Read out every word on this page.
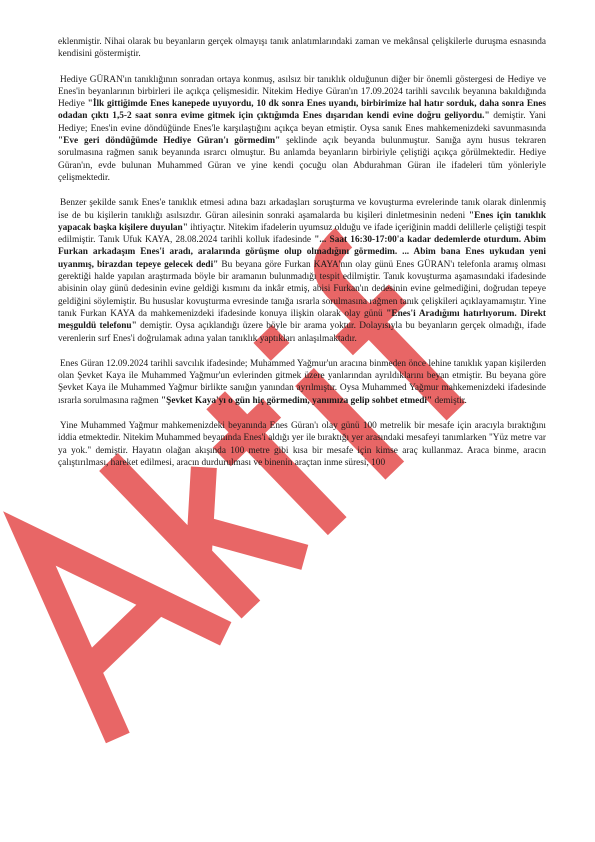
eklenmiştir. Nihai olarak bu beyanların gerçek olmayışı tanık anlatımlarındaki zaman ve mekânsal çelişkilerle duruşma esnasında kendisini göstermiştir.

Hediye GÜRAN'ın tanıklığının sonradan ortaya konmuş, asılsız bir tanıklık olduğunun diğer bir önemli göstergesi de Hediye ve Enes'in beyanlarının birbirleri ile açıkça çelişmesidir. Nitekim Hediye Güran'ın 17.09.2024 tarihli savcılık beyanına bakıldığında Hediye "İlk gittiğimde Enes kanepede uyuyordu, 10 dk sonra Enes uyandı, birbirimize hal hatır sorduk, daha sonra Enes odadan çıktı 1,5-2 saat sonra evime gitmek için çıktığımda Enes dışarıdan kendi evine doğru geliyordu." demiştir. Yani Hediye; Enes'in evine döndüğünde Enes'le karşılaştığını açıkça beyan etmiştir. Oysa sanık Enes mahkemenizdeki savunmasında "Eve geri döndüğümde Hediye Güran'ı görmedim" şeklinde açık beyanda bulunmuştur. Sanığa aynı husus tekraren sorulmasına rağmen sanık beyanında ısrarcı olmuştur. Bu anlamda beyanların birbiriyle çeliştiği açıkça görülmektedir. Hediye Güran'ın, evde bulunan Muhammed Güran ve yine kendi çocuğu olan Abdurahman Güran ile ifadeleri tüm yönleriyle çelişmektedir.

Benzer şekilde sanık Enes'e tanıklık etmesi adına bazı arkadaşları soruşturma ve kovuşturma evrelerinde tanık olarak dinlenmiş ise de bu kişilerin tanıklığı asılsızdır. Güran ailesinin sonraki aşamalarda bu kişileri dinletmesinin nedeni "Enes için tanıklık yapacak başka kişilere duyulan" ihtiyaçtır. Nitekim ifadelerin uyumsuz olduğu ve ifade içeriğinin maddi delillerle çeliştiği tespit edilmiştir. Tanık Ufuk KAYA, 28.08.2024 tarihli kolluk ifadesinde "... Saat 16:30-17:00'a kadar dedemlerde oturdum. Abim Furkan arkadaşım Enes'i aradı, aralarında görüşme olup olmadığını görmedim. ... Abim bana Enes uykudan yeni uyanmış, birazdan tepeye gelecek dedi" Bu beyana göre Furkan KAYA'nın olay günü Enes GÜRAN'ı telefonla aramış olması gerektiği halde yapılan araştırmada böyle bir aramanın bulunmadığı tespit edilmiştir. Tanık kovuşturma aşamasındaki ifadesinde abisinin olay günü dedesinin evine geldiği kısmını da inkâr etmiş, abisi Furkan'ın dedesinin evine gelmediğini, doğrudan tepeye geldiğini söylemiştir. Bu hususlar kovuşturma evresinde tanığa ısrarla sorulmasına rağmen tanık çelişkileri açıklayamamıştır. Yine tanık Furkan KAYA da mahkemenizdeki ifadesinde konuya ilişkin olarak olay günü "Enes'i Aradığımı hatırlıyorum. Direkt meşguldü telefonu" demiştir. Oysa açıklandığı üzere böyle bir arama yoktur. Dolayısıyla bu beyanların gerçek olmadığı, ifade verenlerin sırf Enes'i doğrulamak adına yalan tanıklık yaptıkları anlaşılmaktadır.

Enes Güran 12.09.2024 tarihli savcılık ifadesinde; Muhammed Yağmur'un aracına binmeden önce lehine tanıklık yapan kişilerden olan Şevket Kaya ile Muhammed Yağmur'un evlerinden gitmek üzere yanlarından ayrıldıklarını beyan etmiştir. Bu beyana göre Şevket Kaya ile Muhammed Yağmur birlikte sanığın yanından ayrılmıştır. Oysa Muhammed Yağmur mahkemenizdeki ifadesinde ısrarla sorulmasına rağmen "Şevket Kaya'yı o gün hiç görmedim, yanımıza gelip sohbet etmedi" demiştir.

Yine Muhammed Yağmur mahkemenizdeki beyanında Enes Güran'ı olay günü 100 metrelik bir mesafe için aracıyla bıraktığını iddia etmektedir. Nitekim Muhammed beyanında Enes'i aldığı yer ile bıraktığı yer arasındaki mesafeyi tanımlarken "Yüz metre var ya yok." demiştir. Hayatın olağan akışında 100 metre gibi kısa bir mesafe için kimse araç kullanmaz. Araca binme, aracın çalıştırılması, hareket edilmesi, aracın durdurulması ve binenin araçtan inme süresi, 100
